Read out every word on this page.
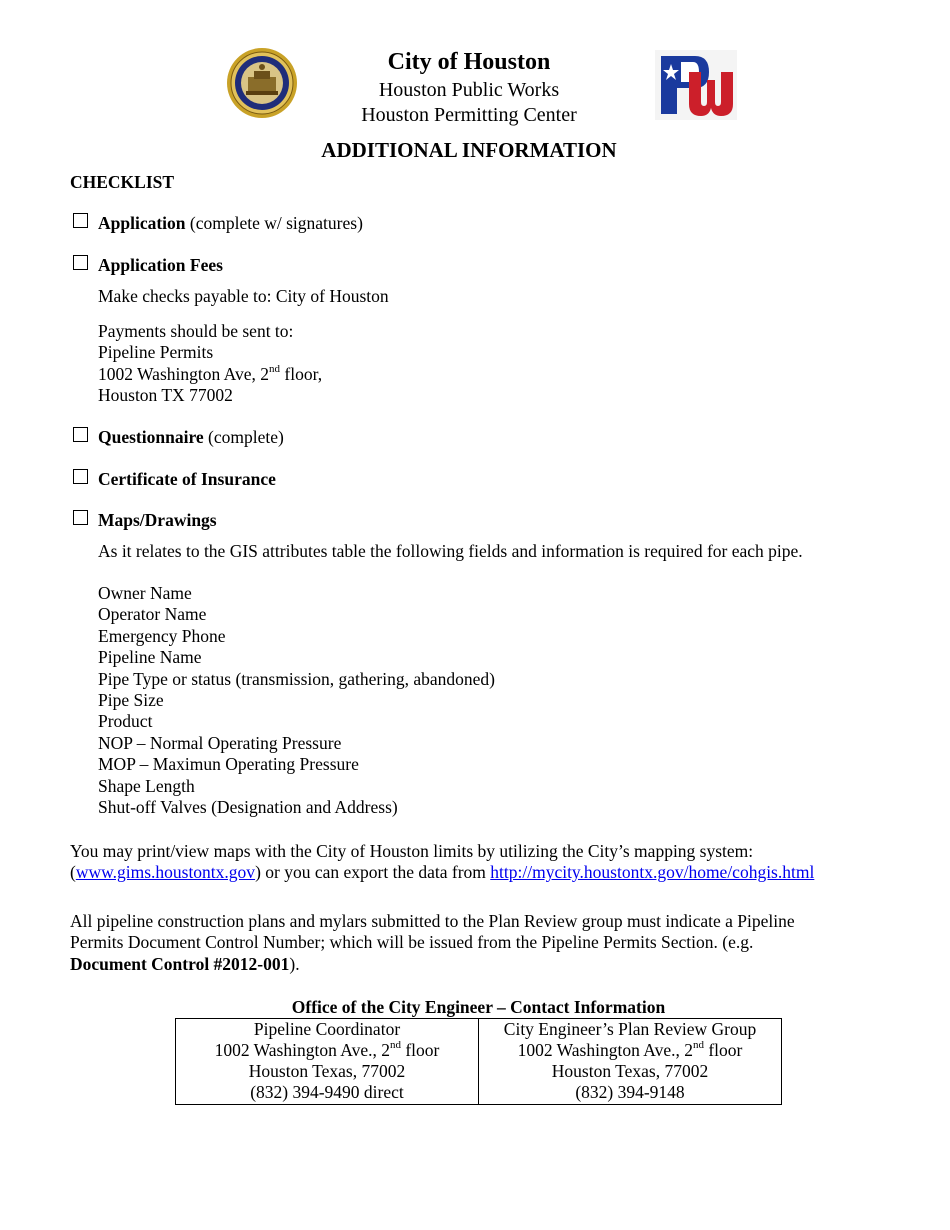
City of Houston
Houston Public Works
Houston Permitting Center
ADDITIONAL INFORMATION
CHECKLIST
Application (complete w/ signatures)
Application Fees
Make checks payable to: City of Houston
Payments should be sent to:
Pipeline Permits
1002 Washington Ave, 2nd floor,
Houston TX 77002
Questionnaire (complete)
Certificate of Insurance
Maps/Drawings
As it relates to the GIS attributes table the following fields and information is required for each pipe.
Owner Name
Operator Name
Emergency Phone
Pipeline Name
Pipe Type or status (transmission, gathering, abandoned)
Pipe Size
Product
NOP – Normal Operating Pressure
MOP – Maximun Operating Pressure
Shape Length
Shut-off Valves (Designation and Address)
You may print/view maps with the City of Houston limits by utilizing the City’s mapping system:
(www.gims.houstontx.gov) or you can export the data from http://mycity.houstontx.gov/home/cohgis.html
All pipeline construction plans and mylars submitted to the Plan Review group must indicate a Pipeline
Permits Document Control Number; which will be issued from the Pipeline Permits Section. (e.g.
Document Control #2012-001).
Office of the City Engineer – Contact Information
Pipeline Coordinator
1002 Washington Ave., 2nd floor
Houston Texas, 77002
(832) 394-9490 direct

City Engineer’s Plan Review Group
1002 Washington Ave., 2nd floor
Houston Texas, 77002
(832) 394-9148
